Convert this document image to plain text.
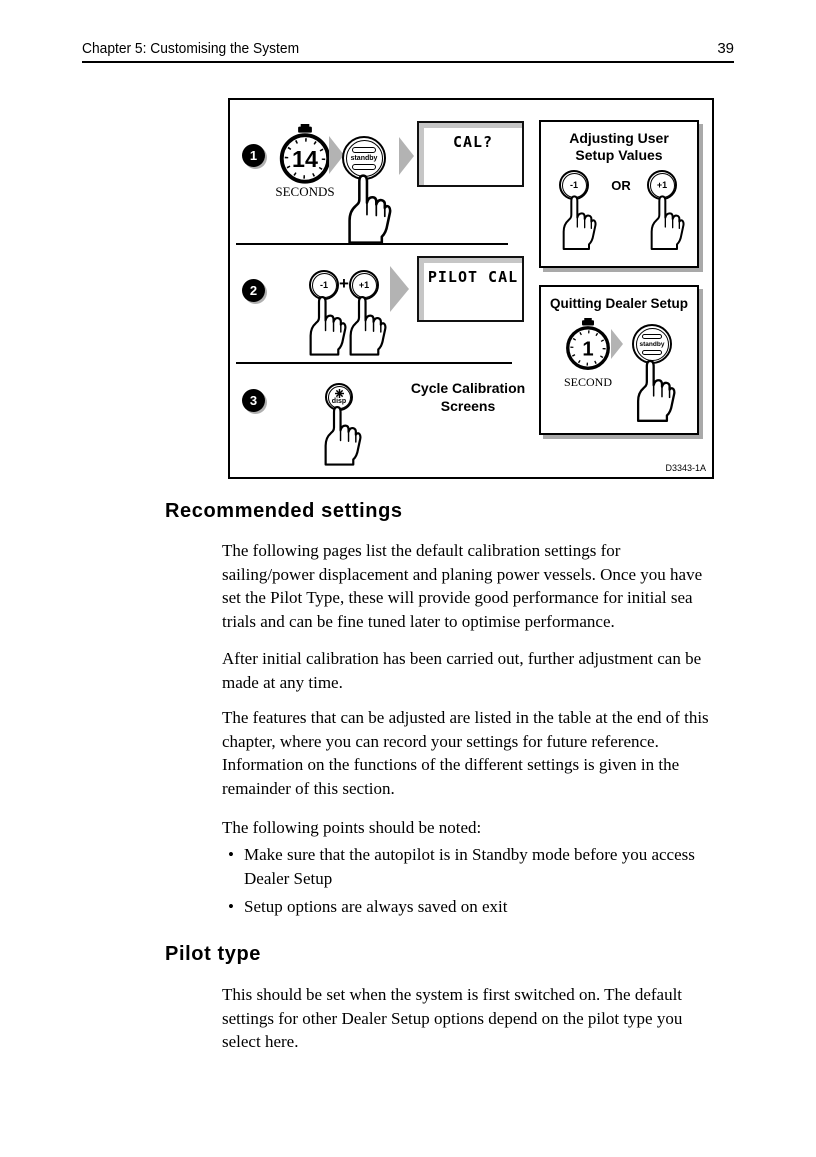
Chapter 5: Customising the System	39
1 14
SECONDS
standby
CAL?
2	-1 +	+1	PILOT CAL
3	disp
Cycle Calibration
Screens
Adjusting User
Setup Values
-1	OR	+1
Quitting Dealer Setup
1
SECOND
standby
D3343-1A
Recommended settings

The following pages list the default calibration settings for sailing/power displacement and planing power vessels. Once you have set the Pilot Type, these will provide good performance for initial sea trials and can be fine tuned later to optimise performance.

After initial calibration has been carried out, further adjustment can be made at any time.

The features that can be adjusted are listed in the table at the end of this chapter, where you can record your settings for future reference. Information on the functions of the different settings is given in the remainder of this section.

The following points should be noted:

• Make sure that the autopilot is in Standby mode before you access Dealer Setup
• Setup options are always saved on exit
Pilot type

This should be set when the system is first switched on. The default settings for other Dealer Setup options depend on the pilot type you select here.
